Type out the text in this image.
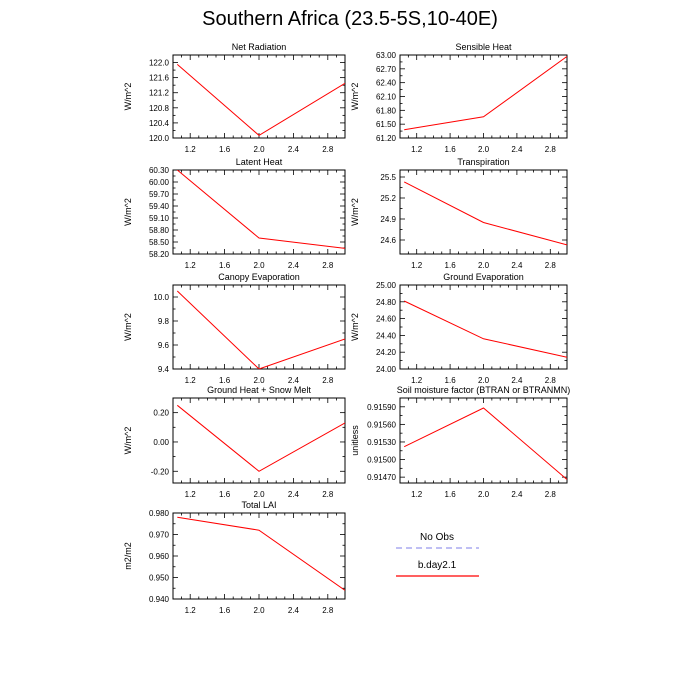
Southern Africa (23.5-5S,10-40E)
1.2	1.6	2.0	2.4	2.8
120.0
120.4
120.8
121.2
121.6
122.0
Net Radiation
W/m^2
1.2	1.6	2.0	2.4	2.8
61.20
61.50
61.80
62.10
62.40
62.70
63.00
Sensible Heat
W/m^2
1.2	1.6	2.0	2.4	2.8
58.20
58.50
58.80
59.10
59.40
59.70
60.00
60.30
Latent Heat
W/m^2
1.2	1.6	2.0	2.4	2.8
24.6
24.9
25.2
25.5
Transpiration
W/m^2
1.2	1.6	2.0	2.4	2.8
9.4
9.6
9.8
10.0
Canopy Evaporation
W/m^2
1.2	1.6	2.0	2.4	2.8
24.00
24.20
24.40
24.60
24.80
25.00
Ground Evaporation
W/m^2
1.2	1.6	2.0	2.4	2.8
-0.20
0.00
0.20
Ground Heat + Snow Melt
W/m^2
1.2	1.6	2.0	2.4	2.8
0.91470
0.91500
0.91530
0.91560
0.91590
Soil moisture factor (BTRAN or BTRANMN)
unitless
1.2	1.6	2.0	2.4	2.8
0.940
0.950
0.960
0.970
0.980
Total LAI
m2/m2
No Obs
b.day2.1
